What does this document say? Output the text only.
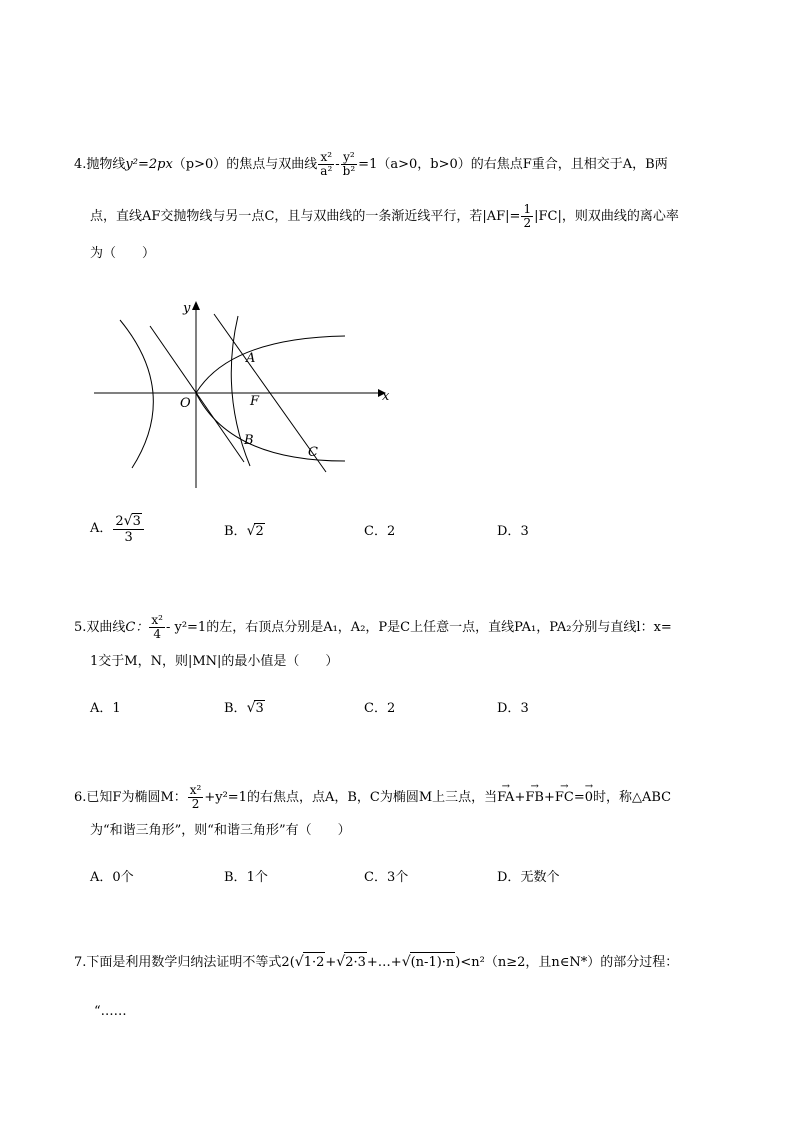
4.抛物线y²=2px（p>0）的焦点与双曲线 $\frac{\text{x²}}{\text{a²}} - \frac{\text{y²}}{\text{b²}} =1(a>0$，b>0）的右焦点F重合，且相交于A，B两
点，直线AF交抛物线与另一点C，且与双曲线的一条渐近线平行，若$|AF|= \frac{1}{2} |FC|$，则双曲线的离心率
为（　　）
y
x
O	F
A
B
C
A． $\frac{2√3}{3}$	B．√2	C．2	D．3
5.双曲线C： $\frac{\text{x²}}{4} - y^2=1$的左，右顶点分别是A₁，A₂，P是C上任意一点，直线PA₁，PA₂分别与直线l：x=
1交于M，N，则|MN|的最小值是（　　）
A．1	B．√3	C．2	D．3
6.已知F为椭圆M： $\frac{\text{x²}}{2} +y^2=1$的右焦点，点A，B，C为椭圆M上三点，当→ FA+→ FB+→ FC=→ 0时，称△ABC
为“和谐三角形”，则“和谐三角形”有（　　）
A．0个	B．1个	C．3个	D．无数个
7.下面是利用数学归纳法证明不等式2(√1·2+√2·3+…+√(n-1)·n)<n²（n≥2，且n∈N*）的部分过程：
“……
